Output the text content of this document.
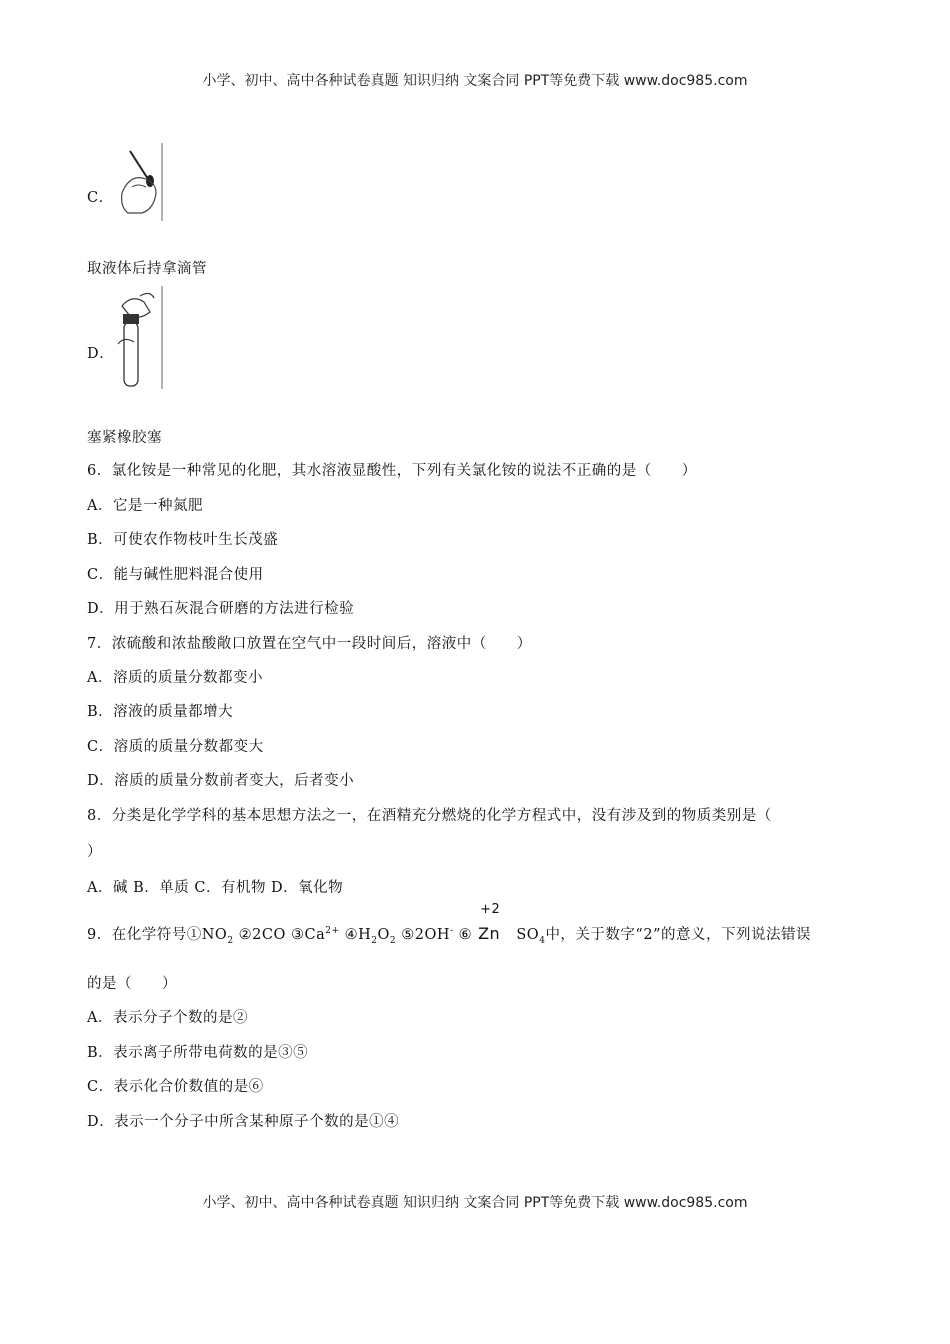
小学、初中、高中各种试卷真题 知识归纳 文案合同 PPT等免费下载 www.doc985.com
C．
取液体后持拿滴管
D．
塞紧橡胶塞
6．氯化铵是一种常见的化肥，其水溶液显酸性，下列有关氯化铵的说法不正确的是（　　）
A．它是一种氮肥
B．可使农作物枝叶生长茂盛
C．能与碱性肥料混合使用
D．用于熟石灰混合研磨的方法进行检验
7．浓硫酸和浓盐酸敞口放置在空气中一段时间后，溶液中（　　）
A．溶质的质量分数都变小
B．溶液的质量都增大
C．溶质的质量分数都变大
D．溶质的质量分数前者变大，后者变小
8．分类是化学学科的基本思想方法之一，在酒精充分燃烧的化学方程式中，没有涉及到的物质类别是（
）
A．碱 B．单质 C．有机物 D．氧化物
9．在化学符号$①NO_2$ ②2CO $③Ca^{2+}$ $④H_2O_2$ ⑤2OH- ⑥
+2
Zn $SO_4$中，关于数字“2”的意义，下列说法错误
的是（　　）
A．表示分子个数的是②
B．表示离子所带电荷数的是③⑤
C．表示化合价数值的是⑥
D．表示一个分子中所含某种原子个数的是①④
小学、初中、高中各种试卷真题 知识归纳 文案合同 PPT等免费下载 www.doc985.com
